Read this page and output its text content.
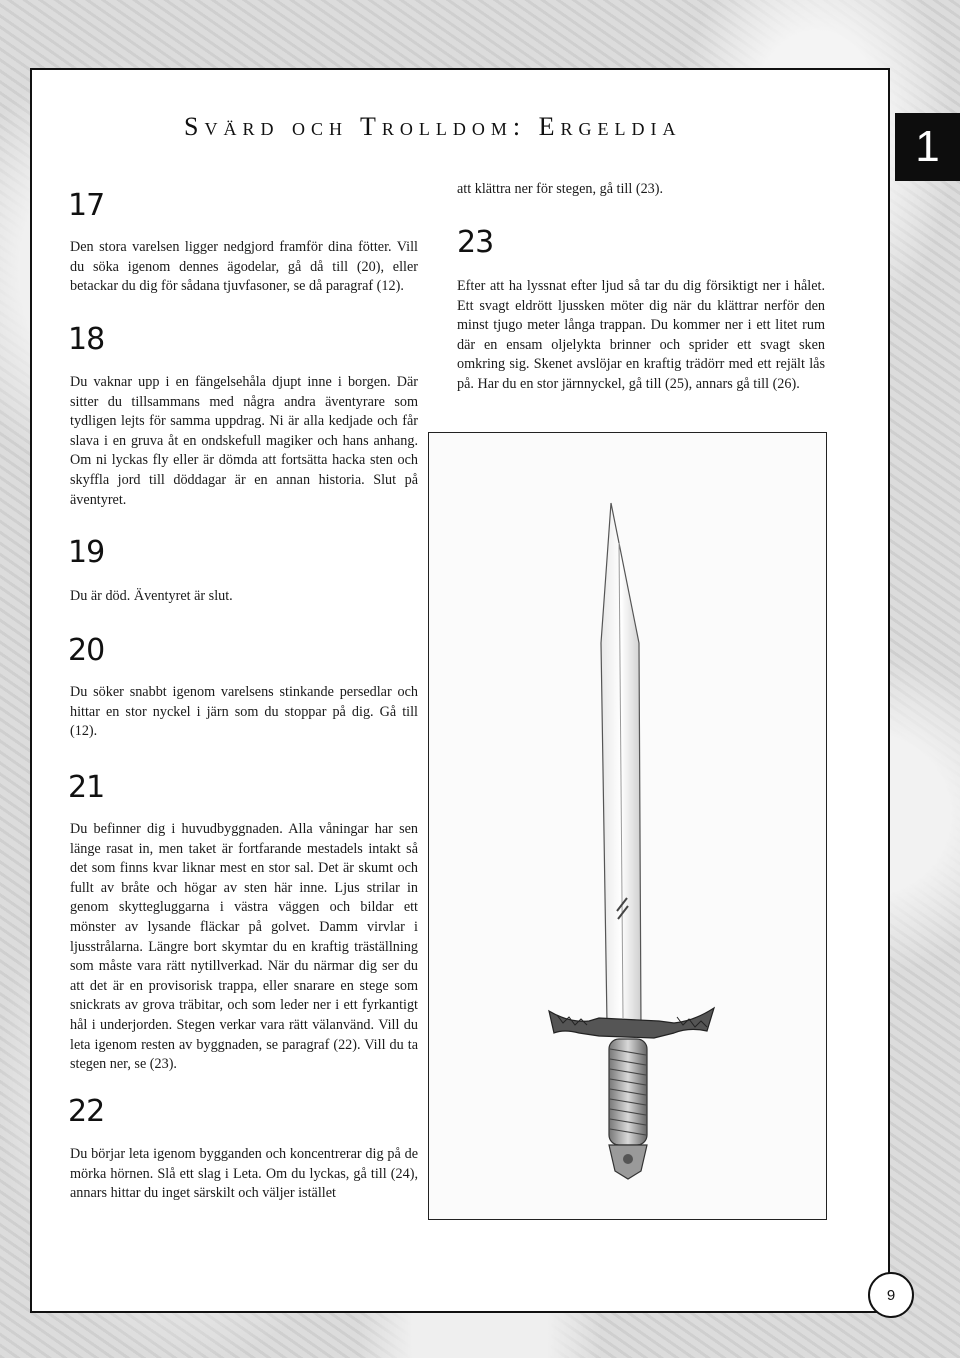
Svärd och Trolldom: Ergeldia
17

Den stora varelsen ligger nedgjord framför dina fötter. Vill du söka igenom dennes ägodelar, gå då till (20), eller betackar du dig för sådana tjuvfasoner, se då paragraf (12).

18

Du vaknar upp i en fängelsehåla djupt inne i borgen. Där sitter du tillsammans med några andra äventyrare som tydligen lejts för samma uppdrag. Ni är alla kedjade och får slava i en gruva åt en ondskefull magiker och hans anhang. Om ni lyckas fly eller är dömda att fortsätta hacka sten och skyffla jord till döddagar är en annan historia. Slut på äventyret.

19

Du är död. Äventyret är slut.

20

Du söker snabbt igenom varelsens stinkande persedlar och hittar en stor nyckel i järn som du stoppar på dig. Gå till (12).

21

Du befinner dig i huvudbyggnaden. Alla våningar har sen länge rasat in, men taket är fortfarande mestadels intakt så det som finns kvar liknar mest en stor sal. Det är skumt och fullt av bråte och högar av sten här inne. Ljus strilar in genom skyttegluggarna i västra väggen och bildar ett mönster av lysande fläckar på golvet. Damm virvlar i ljusstrålarna. Längre bort skymtar du en kraftig träställning som måste vara rätt nytillverkad. När du närmar dig ser du att det är en provisorisk trappa, eller snarare en stege som snickrats av grova träbitar, och som leder ner i ett fyrkantigt hål i underjorden. Stegen verkar vara rätt välanvänd. Vill du leta igenom resten av byggnaden, se paragraf (22). Vill du ta stegen ner, se (23).

22

Du börjar leta igenom bygganden och koncentrerar dig på de mörka hörnen. Slå ett slag i Leta. Om du lyckas, gå till (24), annars hittar du inget särskilt och väljer istället

att klättra ner för stegen, gå till (23).

23

Efter att ha lyssnat efter ljud så tar du dig försiktigt ner i hålet. Ett svagt eldrött ljussken möter dig när du klättrar nerför den minst tjugo meter långa trappan. Du kommer ner i ett litet rum där en ensam oljelykta brinner och sprider ett svagt sken omkring sig. Skenet avslöjar en kraftig trädörr med ett rejält lås på. Har du en stor järnnyckel, gå till (25), annars gå till (26).

1
9
